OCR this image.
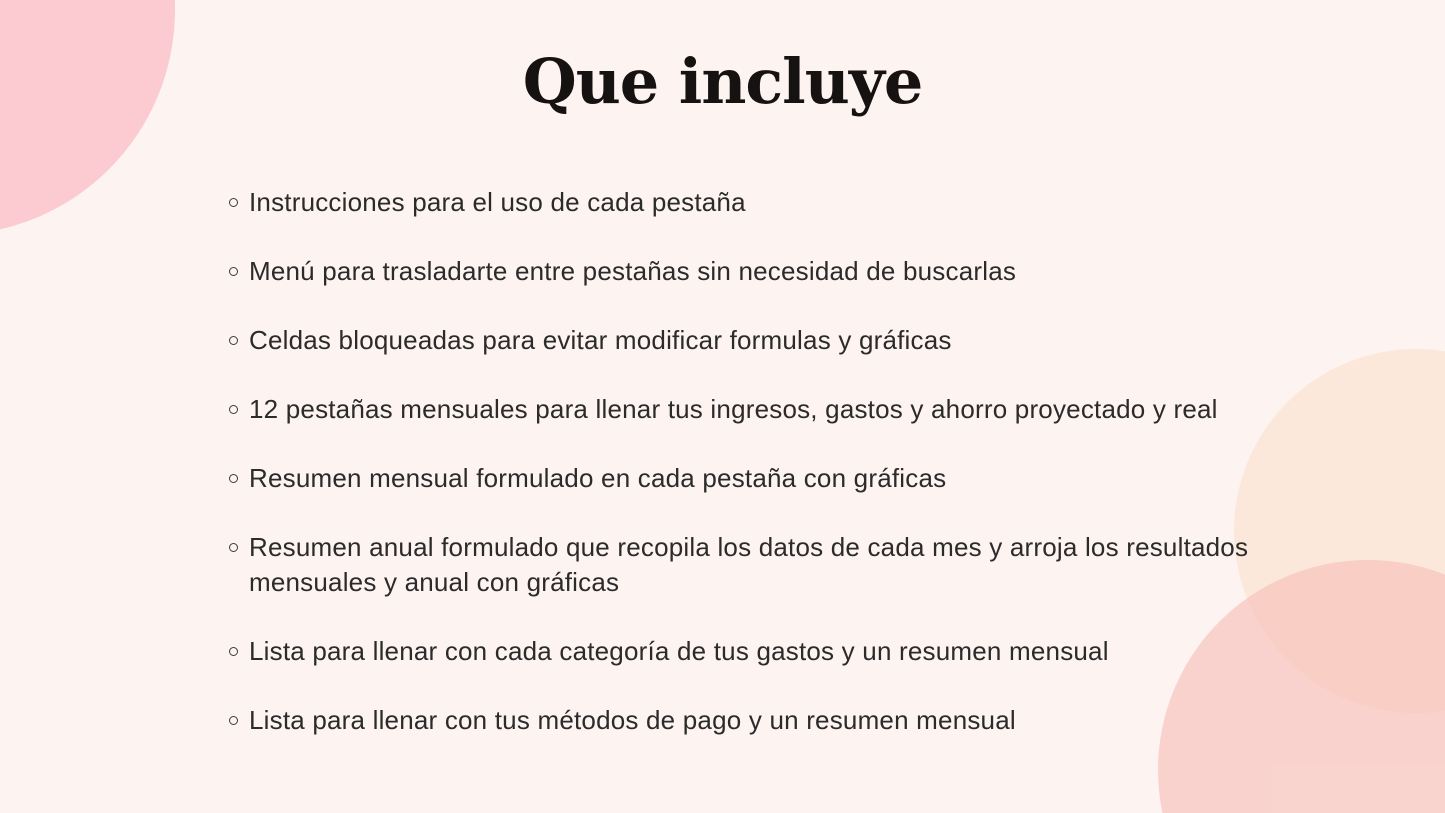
Que incluye
Instrucciones para el uso de cada pestaña
Menú para trasladarte entre pestañas sin necesidad de buscarlas
Celdas bloqueadas para evitar modificar formulas y gráficas
12 pestañas mensuales para llenar tus ingresos, gastos y ahorro proyectado y real
Resumen mensual formulado en cada pestaña con gráficas
Resumen anual formulado que recopila los datos de cada mes y arroja los resultados mensuales y anual con gráficas
Lista para llenar con cada categoría de tus gastos y un resumen mensual
Lista para llenar con tus métodos de pago y un resumen mensual
